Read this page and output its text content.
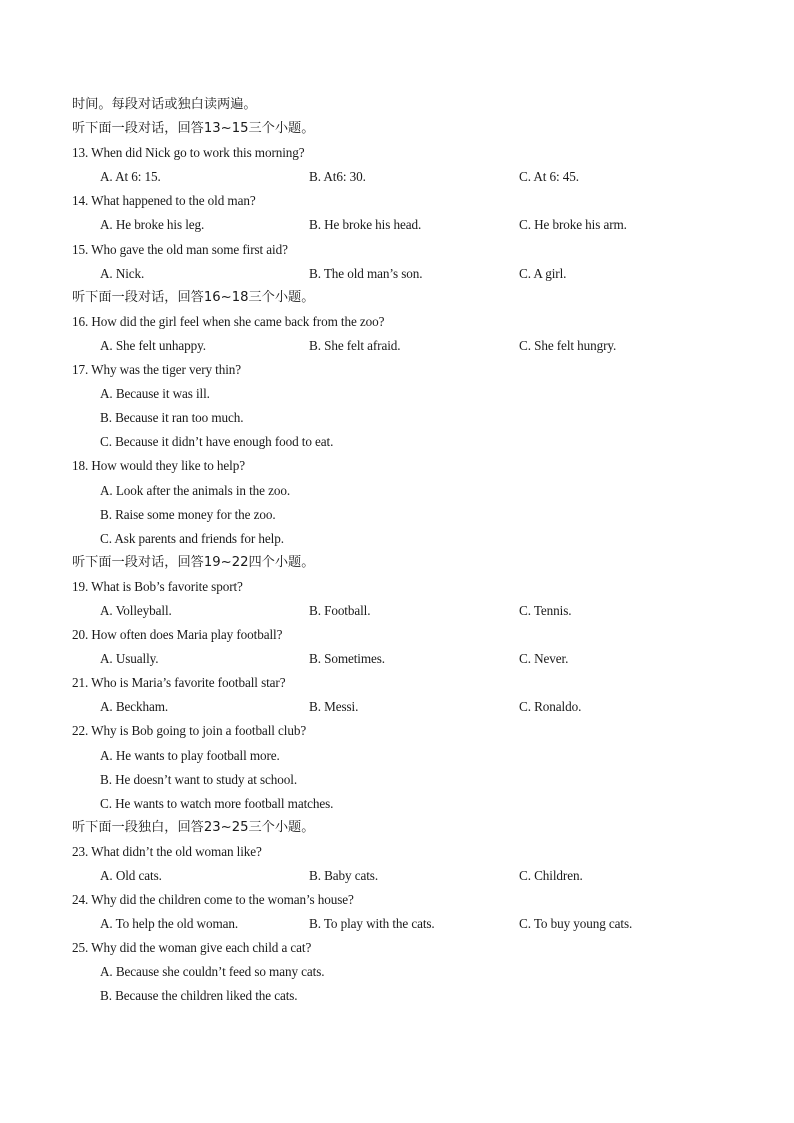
时间。每段对话或独白读两遍。
听下面一段对话，回答13~15三个小题。
13. When did Nick go to work this morning?
A. At 6: 15.	B. At6: 30.	C. At 6: 45.
14. What happened to the old man?
A. He broke his leg.	B. He broke his head.	C. He broke his arm.
15. Who gave the old man some first aid?
A. Nick.	B. The old man’s son.	C. A girl.
听下面一段对话，回答16~18三个小题。
16. How did the girl feel when she came back from the zoo?
A. She felt unhappy.	B. She felt afraid.	C. She felt hungry.
17. Why was the tiger very thin?
A. Because it was ill.
B. Because it ran too much.
C. Because it didn’t have enough food to eat.
18. How would they like to help?
A. Look after the animals in the zoo.
B. Raise some money for the zoo.
C. Ask parents and friends for help.
听下面一段对话，回答19~22四个小题。
19. What is Bob’s favorite sport?
A. Volleyball.	B. Football.	C. Tennis.
20. How often does Maria play football?
A. Usually.	B. Sometimes.	C. Never.
21. Who is Maria’s favorite football star?
A. Beckham.	B. Messi.	C. Ronaldo.
22. Why is Bob going to join a football club?
A. He wants to play football more.
B. He doesn’t want to study at school.
C. He wants to watch more football matches.
听下面一段独白，回答23~25三个小题。
23. What didn’t the old woman like?
A. Old cats.	B. Baby cats.	C. Children.
24. Why did the children come to the woman’s house?
A. To help the old woman.	B. To play with the cats.	C. To buy young cats.
25. Why did the woman give each child a cat?
A. Because she couldn’t feed so many cats.
B. Because the children liked the cats.
